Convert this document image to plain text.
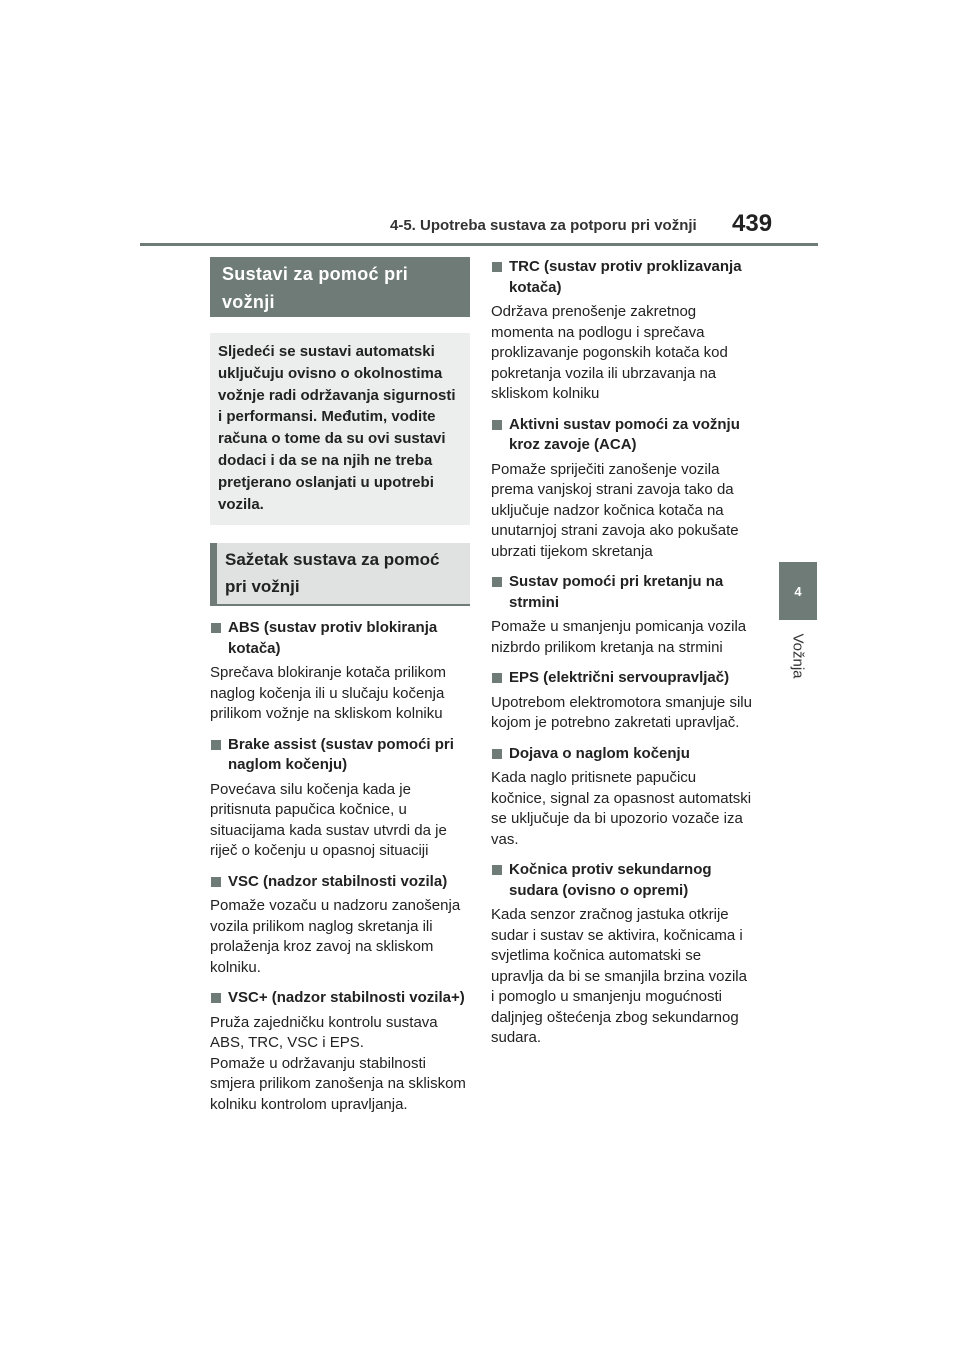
4-5. Upotreba sustava za potporu pri vožnji 439
4
Vožnja
Sustavi za pomoć pri vožnji
Sljedeći se sustavi automatski uključuju ovisno o okolnostima vožnje radi održavanja sigurnosti i performansi. Međutim, vodite računa o tome da su ovi sustavi dodaci i da se na njih ne treba pretjerano oslanjati u upotrebi vozila.
Sažetak sustava za pomoć pri vožnji
ABS (sustav protiv blokiranja kotača)
Sprečava blokiranje kotača prilikom naglog kočenja ili u slučaju kočenja prilikom vožnje na skliskom kolniku
Brake assist (sustav pomoći pri naglom kočenju)
Povećava silu kočenja kada je pritisnuta papučica kočnice, u situacijama kada sustav utvrdi da je riječ o kočenju u opasnoj situaciji
VSC (nadzor stabilnosti vozila)
Pomaže vozaču u nadzoru zanošenja vozila prilikom naglog skretanja ili prolaženja kroz zavoj na skliskom kolniku.
VSC+ (nadzor stabilnosti vozila+)
Pruža zajedničku kontrolu sustava ABS, TRC, VSC i EPS.
Pomaže u održavanju stabilnosti smjera prilikom zanošenja na skliskom kolniku kontrolom upravljanja.
TRC (sustav protiv proklizavanja kotača)
Održava prenošenje zakretnog momenta na podlogu i sprečava proklizavanje pogonskih kotača kod pokretanja vozila ili ubrzavanja na skliskom kolniku
Aktivni sustav pomoći za vožnju kroz zavoje (ACA)
Pomaže spriječiti zanošenje vozila prema vanjskoj strani zavoja tako da uključuje nadzor kočnica kotača na unutarnjoj strani zavoja ako pokušate ubrzati tijekom skretanja
Sustav pomoći pri kretanju na strmini
Pomaže u smanjenju pomicanja vozila nizbrdo prilikom kretanja na strmini
EPS (električni servoupravljač)
Upotrebom elektromotora smanjuje silu kojom je potrebno zakretati upravljač.
Dojava o naglom kočenju
Kada naglo pritisnete papučicu kočnice, signal za opasnost automatski se uključuje da bi upozorio vozače iza vas.
Kočnica protiv sekundarnog sudara (ovisno o opremi)
Kada senzor zračnog jastuka otkrije sudar i sustav se aktivira, kočnicama i svjetlima kočnica automatski se upravlja da bi se smanjila brzina vozila i pomoglo u smanjenju mogućnosti daljnjeg oštećenja zbog sekundarnog sudara.
